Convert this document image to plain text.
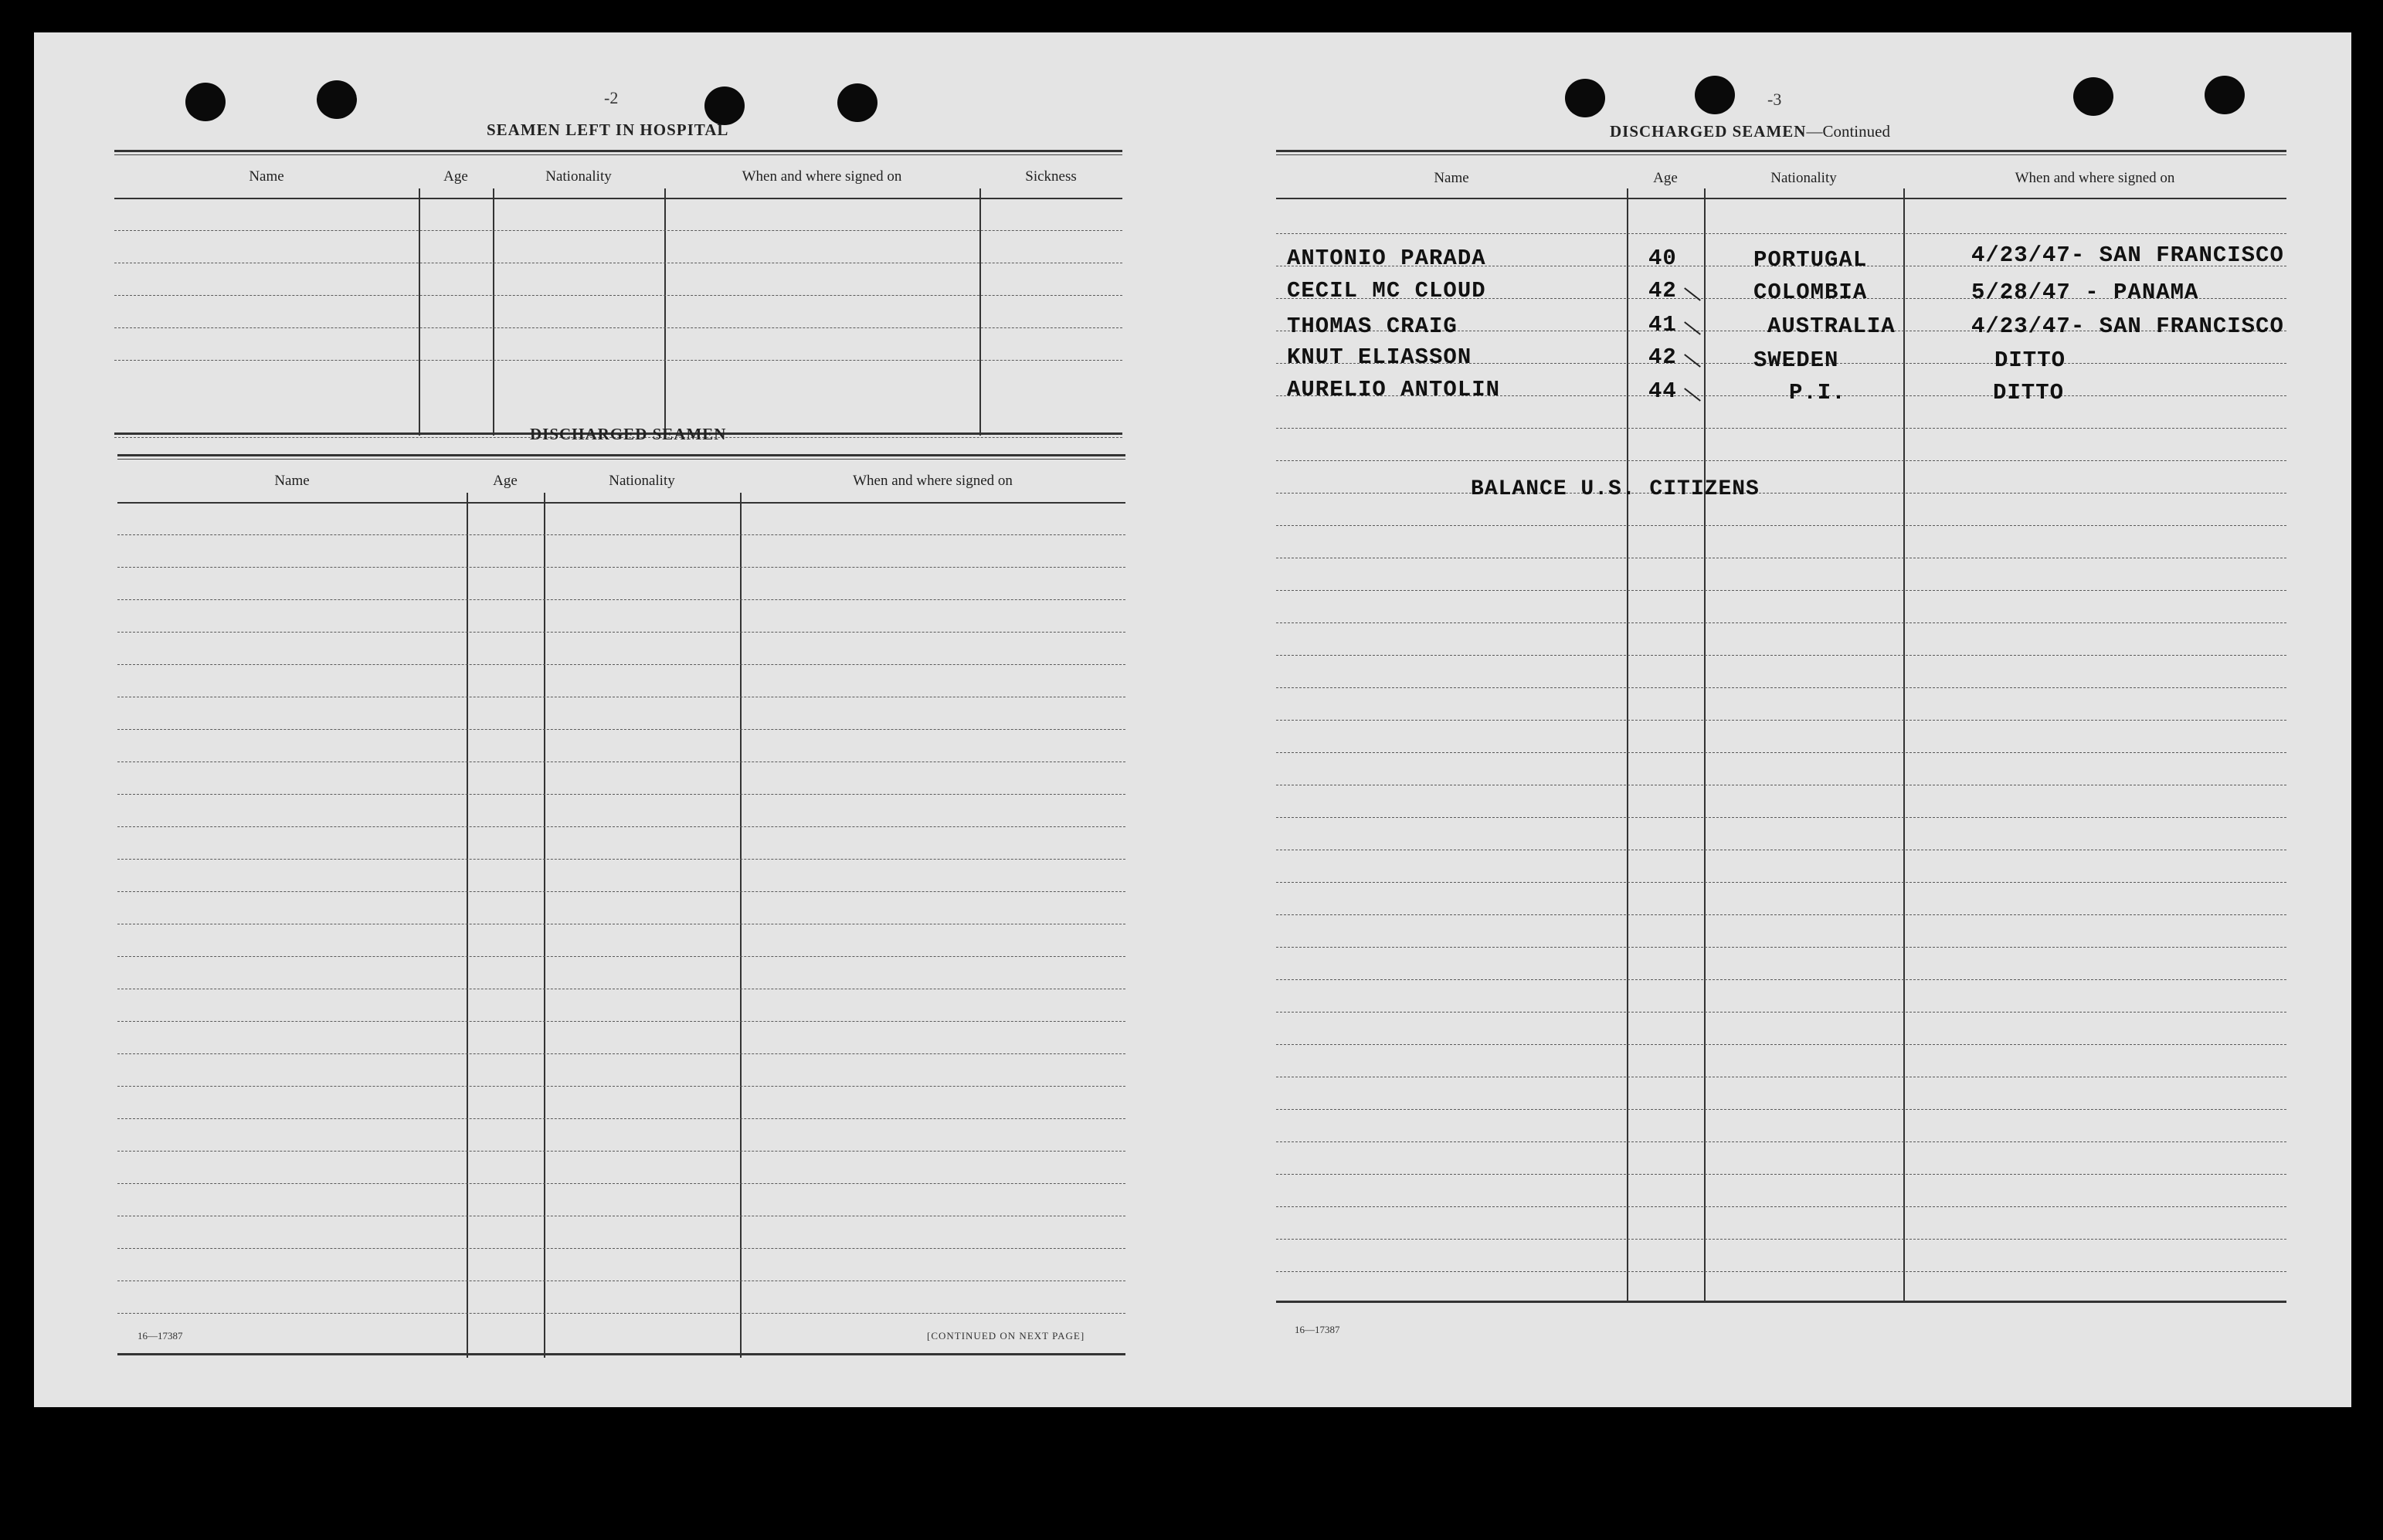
-2
SEAMEN LEFT IN HOSPITAL
Name	Age	Nationality	When and where signed on	Sickness
DISCHARGED SEAMEN
Name	Age	Nationality	When and where signed on
16—17387	[CONTINUED ON NEXT PAGE]
-3
DISCHARGED SEAMEN—Continued
Name	Age	Nationality	When and where signed on
ANTONIO PARADA	40	PORTUGAL	4/23/47- SAN FRANCISCO
CECIL MC CLOUD	42	COLOMBIA	5/28/47 - PANAMA
THOMAS CRAIG	41	AUSTRALIA	4/23/47- SAN FRANCISCO
KNUT ELIASSON	42	SWEDEN	DITTO
AURELIO ANTOLIN	44	P.I.	DITTO
BALANCE U.S. CITIZENS
16—17387
